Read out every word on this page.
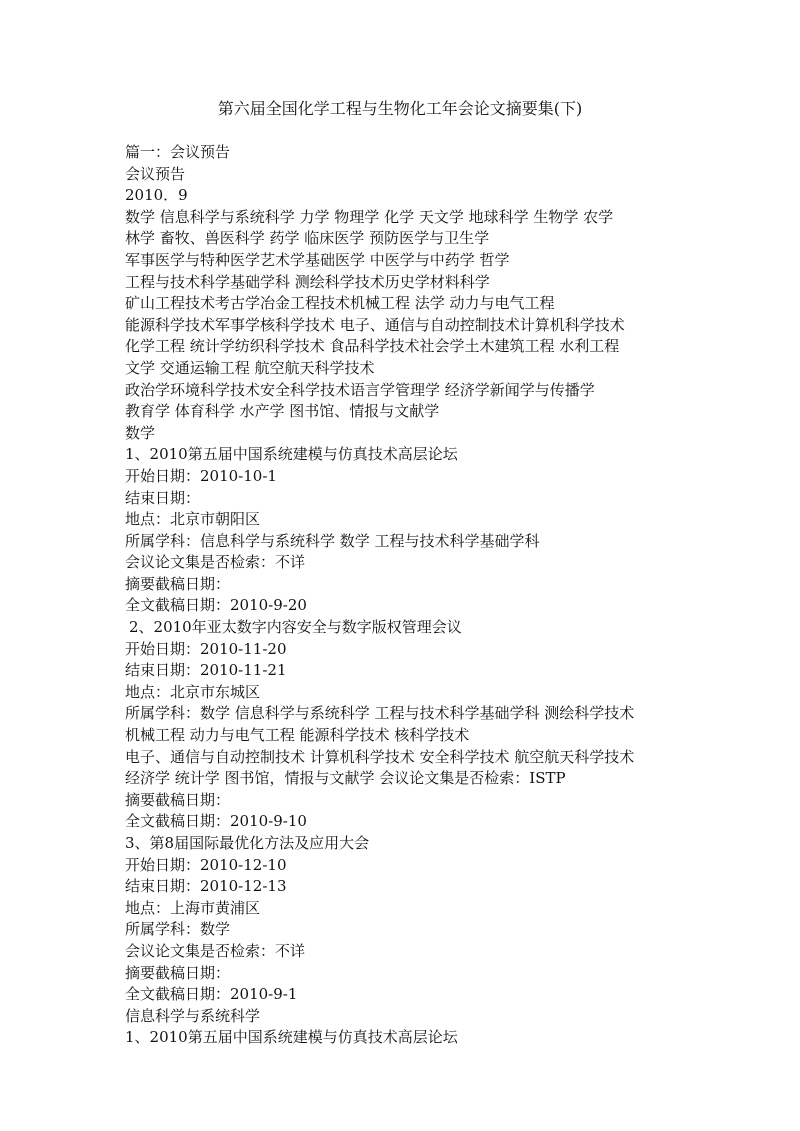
第六届全国化学工程与生物化工年会论文摘要集(下)
篇一：会议预告
会议预告
2010．9
数学 信息科学与系统科学 力学 物理学 化学 天文学 地球科学 生物学 农学
林学 畜牧、兽医科学 药学 临床医学 预防医学与卫生学
军事医学与特种医学艺术学基础医学 中医学与中药学 哲学
工程与技术科学基础学科 测绘科学技术历史学材料科学
矿山工程技术考古学冶金工程技术机械工程 法学 动力与电气工程
能源科学技术军事学核科学技术 电子、通信与自动控制技术计算机科学技术
化学工程 统计学纺织科学技术 食品科学技术社会学土木建筑工程 水利工程
文学 交通运输工程 航空航天科学技术
政治学环境科学技术安全科学技术语言学管理学 经济学新闻学与传播学
教育学 体育科学 水产学 图书馆、情报与文献学
数学
1、2010第五届中国系统建模与仿真技术高层论坛
开始日期：2010-10-1
结束日期：
地点：北京市朝阳区
所属学科：信息科学与系统科学 数学 工程与技术科学基础学科
会议论文集是否检索：不详
摘要截稿日期：
全文截稿日期：2010-9-20
2、2010年亚太数字内容安全与数字版权管理会议
开始日期：2010-11-20
结束日期：2010-11-21
地点：北京市东城区
所属学科：数学 信息科学与系统科学 工程与技术科学基础学科 测绘科学技术
机械工程 动力与电气工程 能源科学技术 核科学技术
电子、通信与自动控制技术 计算机科学技术 安全科学技术 航空航天科学技术
经济学 统计学 图书馆，情报与文献学 会议论文集是否检索：ISTP
摘要截稿日期：
全文截稿日期：2010-9-10
3、第8届国际最优化方法及应用大会
开始日期：2010-12-10
结束日期：2010-12-13
地点：上海市黄浦区
所属学科：数学
会议论文集是否检索：不详
摘要截稿日期：
全文截稿日期：2010-9-1
信息科学与系统科学
1、2010第五届中国系统建模与仿真技术高层论坛
